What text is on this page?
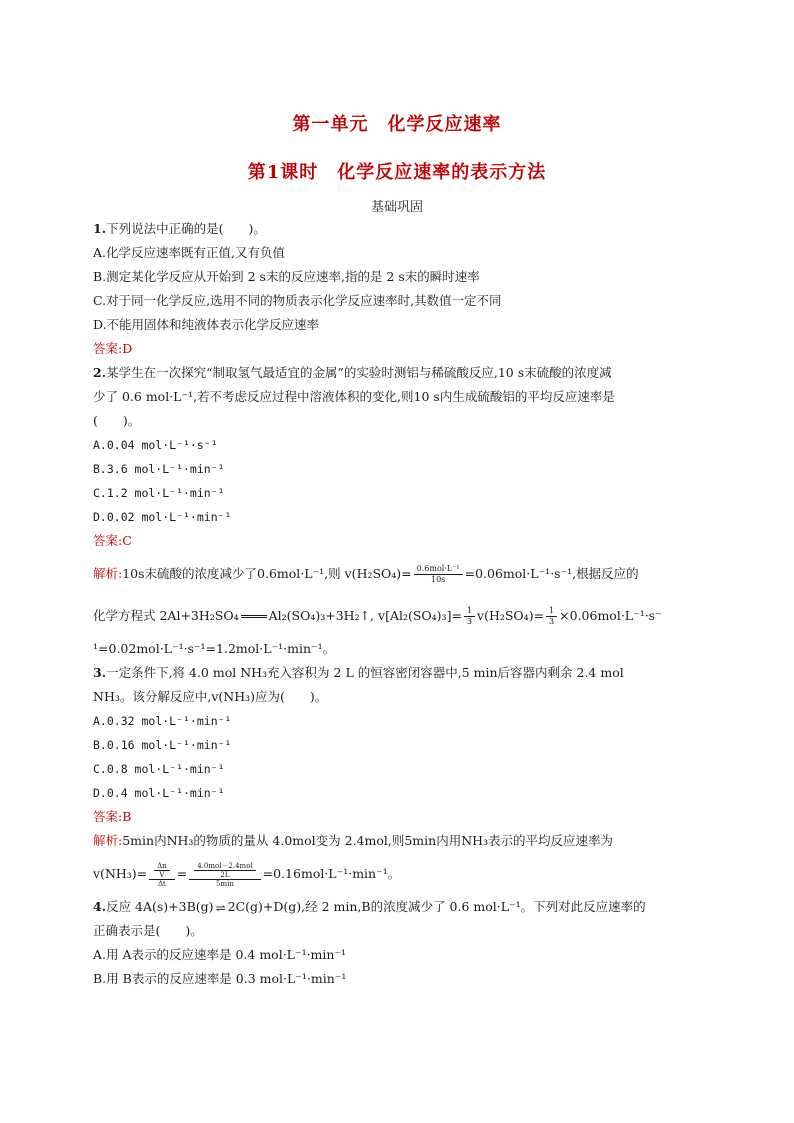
第一单元　化学反应速率
第1课时　化学反应速率的表示方法
基础巩固
1.下列说法中正确的是(　　)。
A.化学反应速率既有正值,又有负值
B.测定某化学反应从开始到 2 s末的反应速率,指的是 2 s末的瞬时速率
C.对于同一化学反应,选用不同的物质表示化学反应速率时,其数值一定不同
D.不能用固体和纯液体表示化学反应速率
答案:D
2.某学生在一次探究“制取氢气最适宜的金属”的实验时测铝与稀硫酸反应,10 s末硫酸的浓度减
少了 0.6 mol·L⁻¹,若不考虑反应过程中溶液体积的变化,则10 s内生成硫酸铝的平均反应速率是
(　　)。
A.0.04 mol·L⁻¹·s⁻¹
B.3.6 mol·L⁻¹·min⁻¹
C.1.2 mol·L⁻¹·min⁻¹
D.0.02 mol·L⁻¹·min⁻¹
答案:C
解析:10s末硫酸的浓度减少了0.6mol·L⁻¹,则 $v(H_2SO_4)= \frac{\text{0.6mol·L⁻¹}}{10s} =0.06mol\cdot L^{-1}\cdot s^{-1}$,根据反应的
化学方程式 2Al+3H₂SO₄ Al₂(SO₄)₃+3H₂↑, $v[Al_2(SO_4)_3]= \frac{1}{3} v(H_2SO_4)= \frac{1}{3} \times 0.06mol\cdot L^{-1}\cdot s^-$
¹=0.02mol·L⁻¹·s⁻¹=1.2mol·L⁻¹·min⁻¹。
3.一定条件下,将 4.0 mol NH₃充入容积为 2 L 的恒容密闭容器中,5 min后容器内剩余 2.4 mol
NH₃。该分解反应中,v(NH₃)应为(　　)。
A.0.32 mol·L⁻¹·min⁻¹
B.0.16 mol·L⁻¹·min⁻¹
C.0.8 mol·L⁻¹·min⁻¹
D.0.4 mol·L⁻¹·min⁻¹
答案:B
解析:5min内NH₃的物质的量从 4.0mol变为 2.4mol,则5min内用NH₃表示的平均反应速率为
$v(NH_3)= \frac{\frac{\Delta n}{V}}{\Delta t} = \frac{\frac{\text{4.0mol－2.4mol}}{2L}}{5\min} =0.16mol\cdot L^{-1}\cdot\min^{-1}$。
4.反应 4A(s)+3B(g) ⇌ 2C(g)+D(g),经 2 min,B的浓度减少了 0.6 mol·L⁻¹。下列对此反应速率的
正确表示是(　　)。
A.用 A表示的反应速率是 0.4 mol·L⁻¹·min⁻¹
B.用 B表示的反应速率是 0.3 mol·L⁻¹·min⁻¹
